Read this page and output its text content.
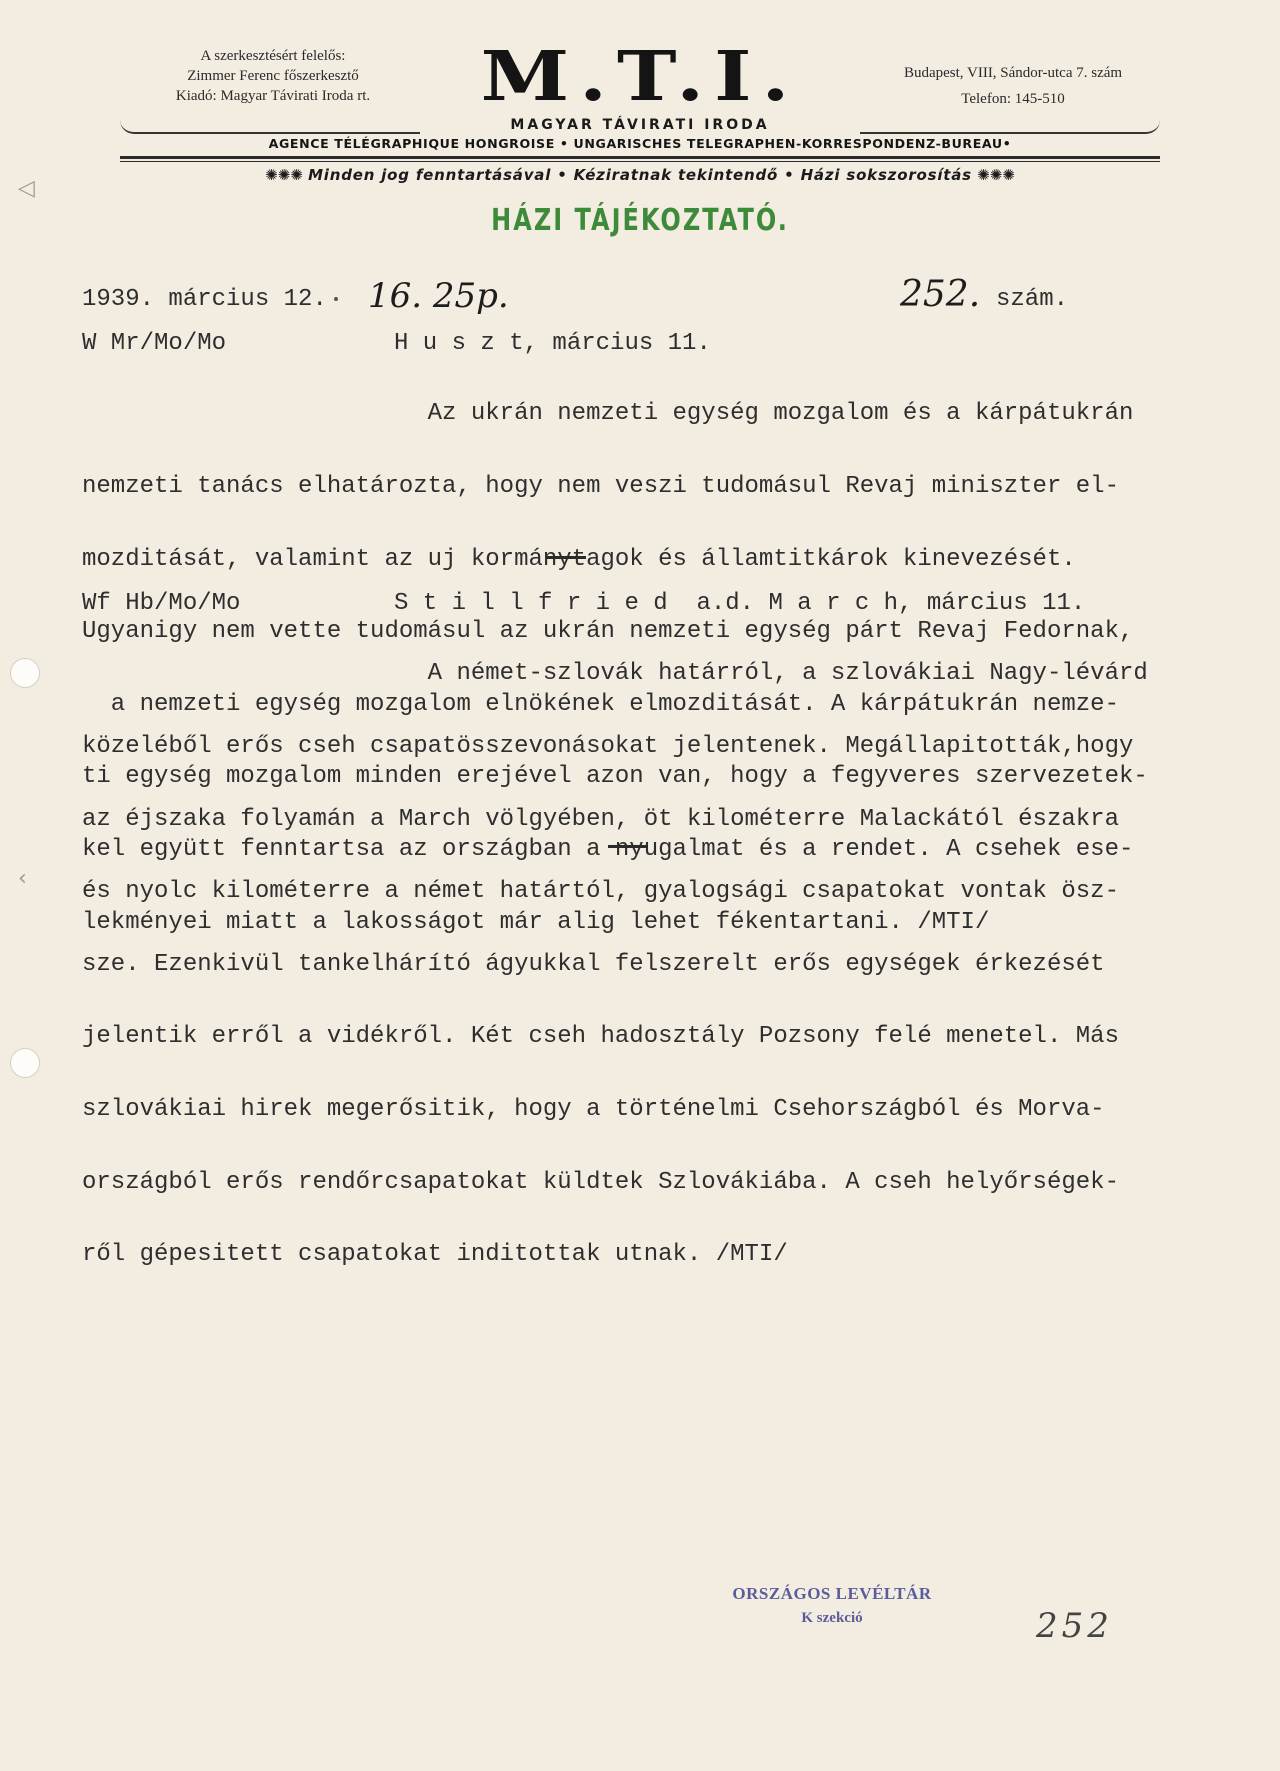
◁
‹
A szerkesztésért felelős:
Zimmer Ferenc főszerkesztő
Kiadó: Magyar Távirati Iroda rt.	M.T.I.	Budapest, VIII, Sándor-utca 7. szám
Telefon: 145-510
MAGYAR TÁVIRATI IRODA
AGENCE TÉLÉGRAPHIQUE HONGROISE • UNGARISCHES TELEGRAPHEN-KORRESPONDENZ-BUREAU•
✺✺✺ Minden jog fenntartásával • Kéziratnak tekintendő • Házi sokszorosítás ✺✺✺
HÁZI TÁJÉKOZTATÓ.
1939. március 12. 16. 25p.	252. szám.
W Mr/Mo/Mo	H u s z t, március 11.

Az ukrán nemzeti egység mozgalom és a kárpátukrán

nemzeti tanács elhatározta, hogy nem veszi tudomásul Revaj miniszter el-

mozditását, valamint az uj kormánytagok és államtitkárok kinevezését.

Ugyanigy nem vette tudomásul az ukrán nemzeti egység párt Revaj Fedornak,

a nemzeti egység mozgalom elnökének elmozditását. A kárpátukrán nemze-

ti egység mozgalom minden erejével azon van, hogy a fegyveres szervezetek-

kel együtt fenntartsa az országban a nyugalmat és a rendet. A csehek ese-

lekményei miatt a lakosságot már alig lehet fékentartani. /MTI/

Wf Hb/Mo/Mo	S t i l l f r i e d  a.d. M a r c h, március 11.

A német-szlovák határról, a szlovákiai Nagy-lévárd

közeléből erős cseh csapatösszevonásokat jelentenek. Megállapitották,hogy

az éjszaka folyamán a March völgyében, öt kilométerre Malackától északra

és nyolc kilométerre a német határtól, gyalogsági csapatokat vontak ösz-

sze. Ezenkivül tankelhárító ágyukkal felszerelt erős egységek érkezését

jelentik erről a vidékről. Két cseh hadosztály Pozsony felé menetel. Más

szlovákiai hirek megerősitik, hogy a történelmi Csehországból és Morva-

országból erős rendőrcsapatokat küldtek Szlovákiába. A cseh helyőrségek-

ről gépesitett csapatokat inditottak utnak. /MTI/

ORSZÁGOS LEVÉLTÁR
K szekció	252
